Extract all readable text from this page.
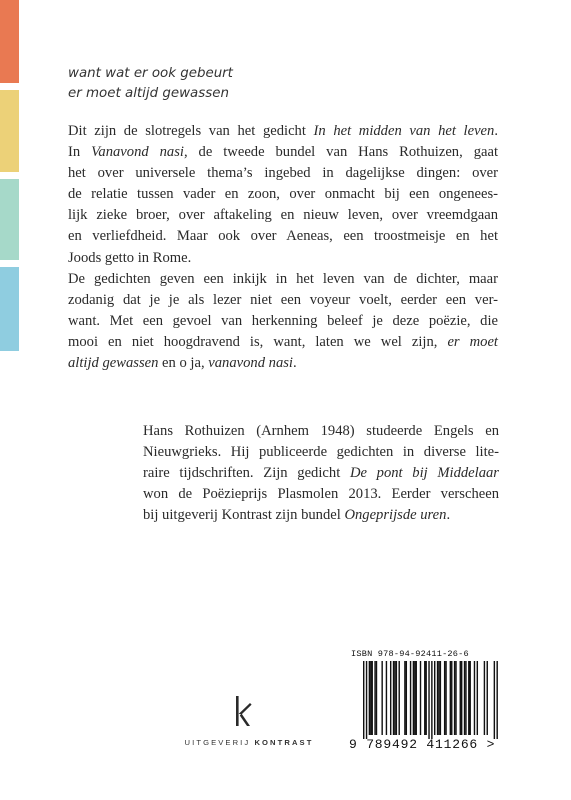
want wat er ook gebeurt
er moet altijd gewassen
Dit zijn de slotregels van het gedicht In het midden van het leven.
In Vanavond nasi, de tweede bundel van Hans Rothuizen, gaat
het over universele thema’s ingebed in dagelijkse dingen: over
de relatie tussen vader en zoon, over onmacht bij een ongenees-
lijk zieke broer, over aftakeling en nieuw leven, over vreemdgaan
en verliefdheid. Maar ook over Aeneas, een troostmeisje en het
Joods getto in Rome.
De gedichten geven een inkijk in het leven van de dichter, maar
zodanig dat je je als lezer niet een voyeur voelt, eerder een ver-
want. Met een gevoel van herkenning beleef je deze poëzie, die
mooi en niet hoogdravend is, want, laten we wel zijn, er moet
altijd gewassen en o ja, vanavond nasi.
Hans Rothuizen (Arnhem 1948) studeerde Engels en
Nieuwgrieks. Hij publiceerde gedichten in diverse lite-
raire tijdschriften. Zijn gedicht De pont bij Middelaar
won de Poëzieprijs Plasmolen 2013. Eerder verscheen
bij uitgeverij Kontrast zijn bundel Ongeprijsde uren.
UITGEVERIJ KONTRAST
ISBN 978-94-92411-26-6
9 789492 411266 >
